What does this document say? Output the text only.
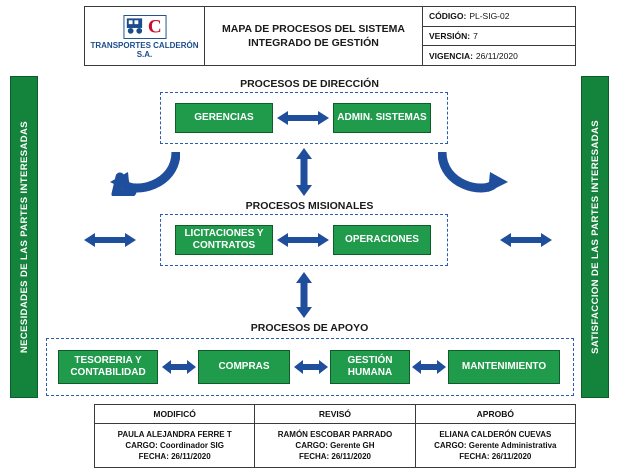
C
TRANSPORTES CALDERÓN S.A.
MAPA DE PROCESOS DEL SISTEMA INTEGRADO DE GESTIÓN
CÓDIGO: PL-SIG-02
VERSIÓN: 7
VIGENCIA: 26/11/2020
NECESIDADES DE LAS PARTES INTERESADAS	SATISFACCION DE LAS PARTES INTERESADAS
PROCESOS DE DIRECCIÓN
PROCESOS MISIONALES
PROCESOS DE APOYO
GERENCIAS	ADMIN. SISTEMAS
LICITACIONES Y CONTRATOS
OPERACIONES
TESORERIA Y CONTABILIDAD
COMPRAS
GESTIÓN HUMANA
MANTENIMIENTO
MODIFICÓ
PAULA ALEJANDRA FERRE T
CARGO: Coordinador SIG
FECHA: 26/11/2020
REVISÓ
RAMÓN ESCOBAR PARRADO
CARGO: Gerente GH
FECHA: 26/11/2020
APROBÓ
ELIANA CALDERÓN CUEVAS
CARGO: Gerente Administrativa
FECHA: 26/11/2020
